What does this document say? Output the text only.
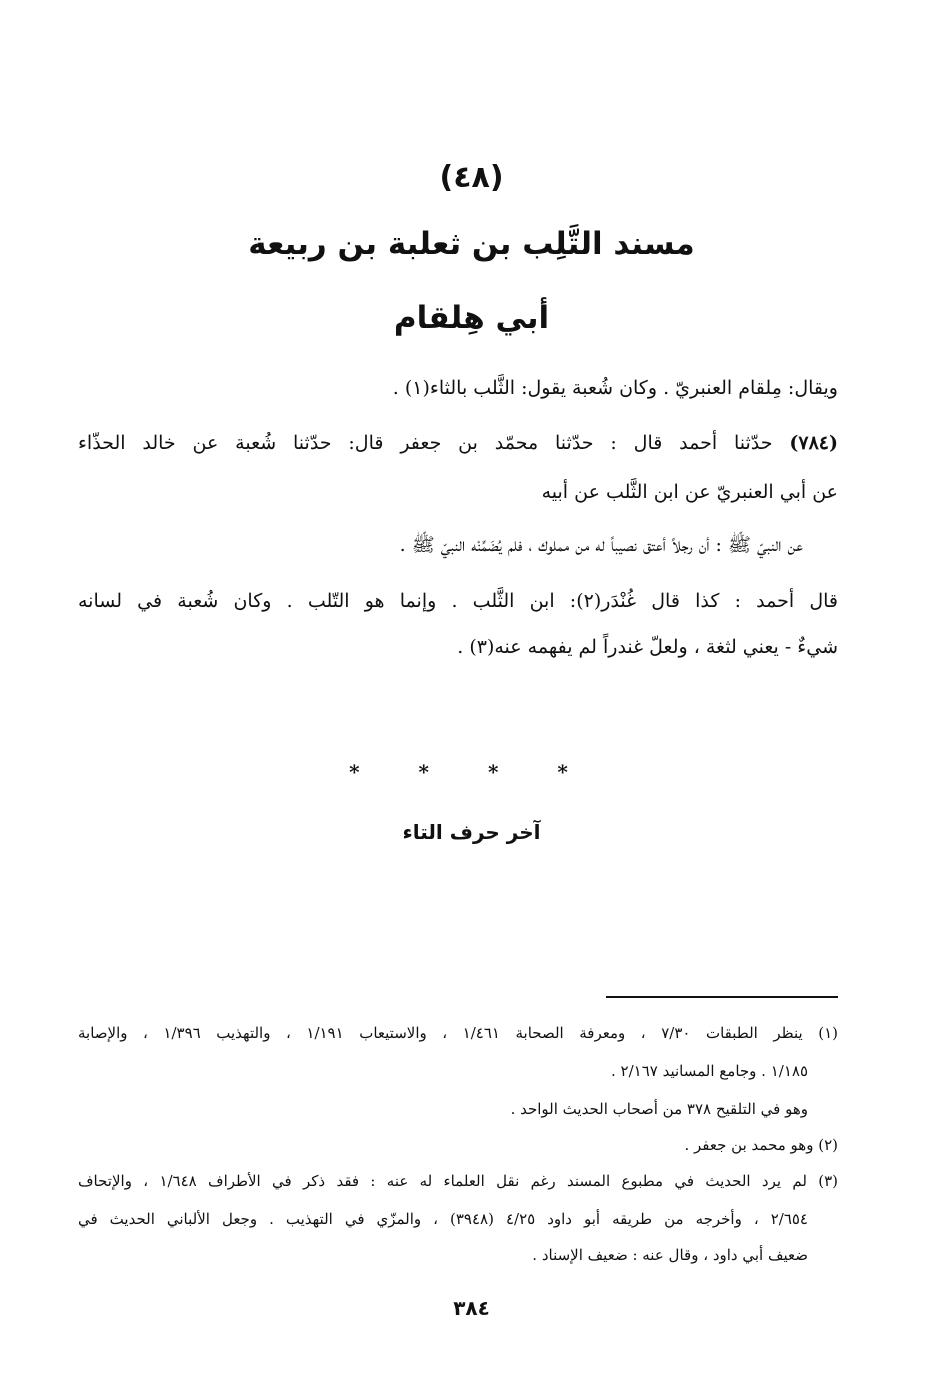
(٤٨)
مسند التَّلِب بن ثعلبة بن ربيعة
أبي هِلقام
ويقال: مِلقام العنبريّ . وكان شُعبة يقول: الثَّلب بالثاء(١) .
(٧٨٤) حدّثنا أحمد قال : حدّثنا محمّد بن جعفر قال: حدّثنا شُعبة عن خالد الحذّاء
عن أبي العنبريّ عن ابن الثَّلب عن أبيه
عن النبيّ ﷺ : أن رجلاً أعتق نصيباً له من مملوك ، فلم يُضَمِّنْه النبيّ ﷺ .
قال أحمد : كذا قال غُنْدَر(٢): ابن الثَّلب . وإنما هو التّلب . وكان شُعبة في لسانه
شيءٌ - يعني لثغة ، ولعلّ غندراً لم يفهمه عنه(٣) .
* * * *
آخر حرف التاء
(١) ينظر الطبقات ٧/٣٠ ، ومعرفة الصحابة ١/٤٦١ ، والاستيعاب ١/١٩١ ، والتهذيب ١/٣٩٦ ، والإصابة
١/١٨٥ . وجامع المسانيد ٢/١٦٧ .
وهو في التلقيح ٣٧٨ من أصحاب الحديث الواحد .
(٢) وهو محمد بن جعفر .
(٣) لم يرد الحديث في مطبوع المسند رغم نقل العلماء له عنه : فقد ذكر في الأطراف ١/٦٤٨ ، والإتحاف
٢/٦٥٤ ، وأخرجه من طريقه أبو داود ٤/٢٥ (٣٩٤٨) ، والمزّي في التهذيب . وجعل الألباني الحديث في
ضعيف أبي داود ، وقال عنه : ضعيف الإسناد .
٣٨٤
